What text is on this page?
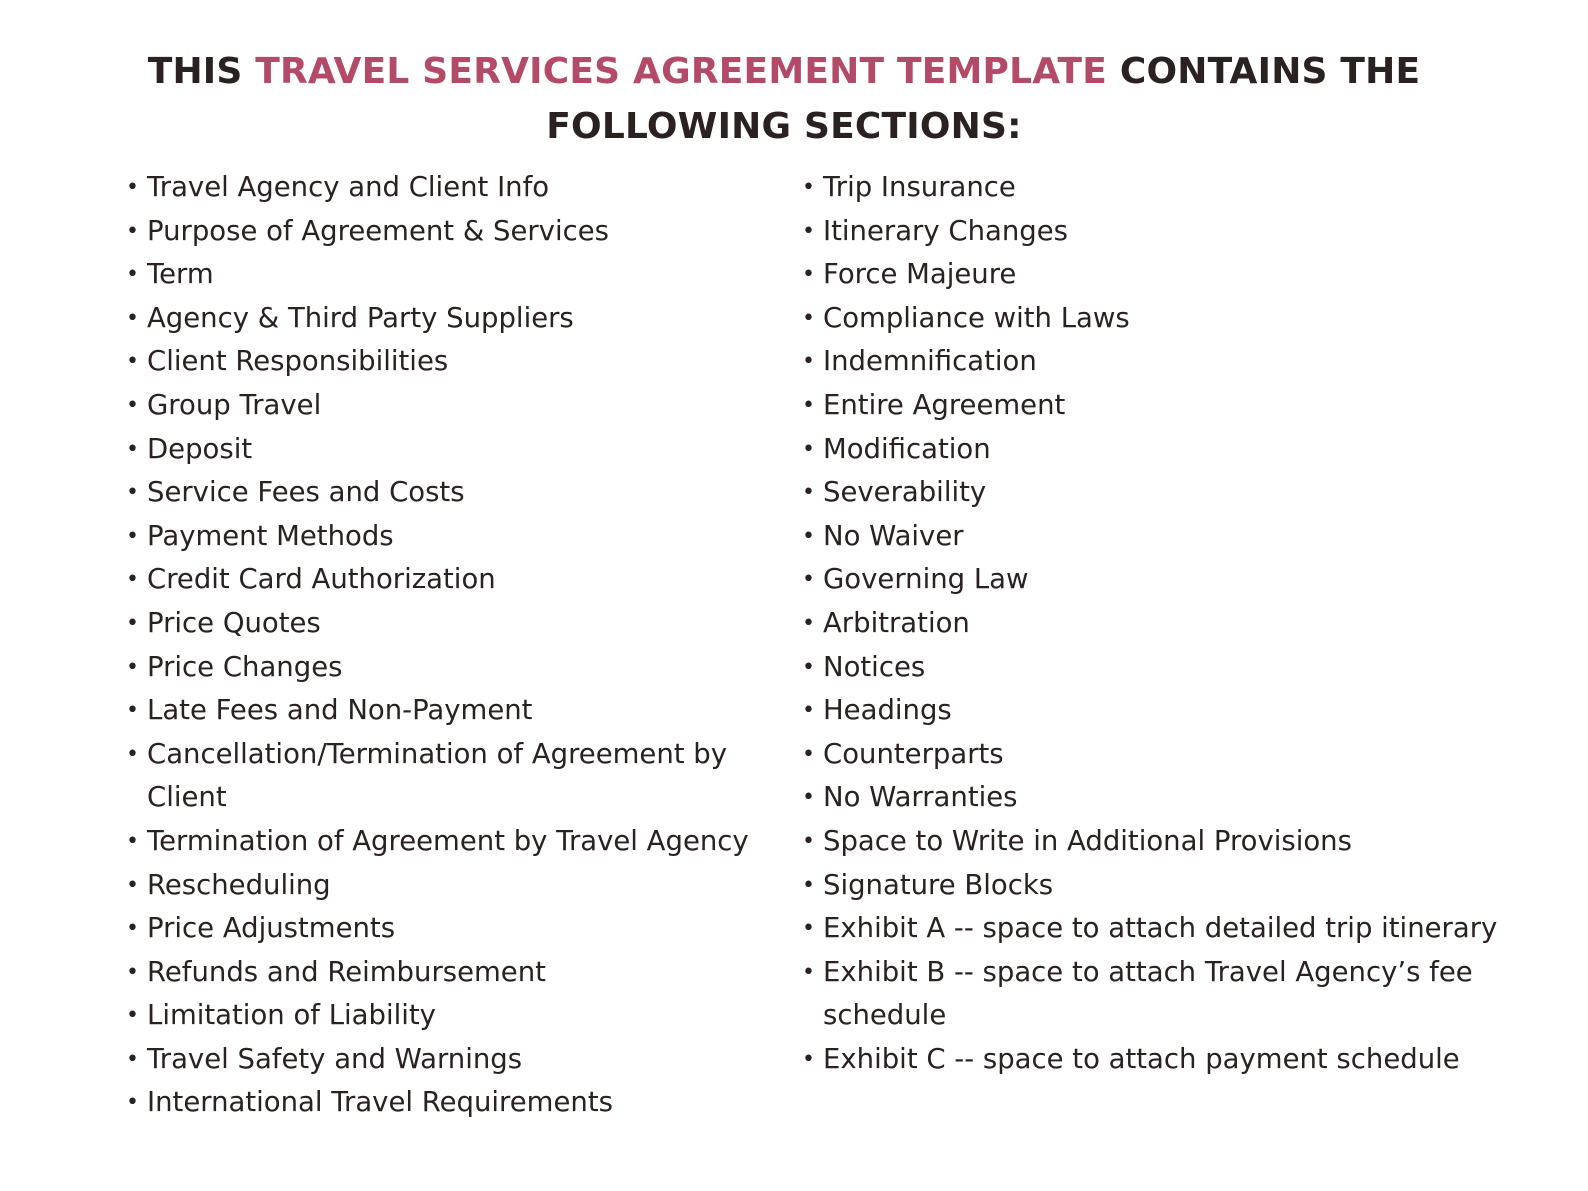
THIS TRAVEL SERVICES AGREEMENT TEMPLATE CONTAINS THE
FOLLOWING SECTIONS:
• Travel Agency and Client Info
• Purpose of Agreement & Services
• Term
• Agency & Third Party Suppliers
• Client Responsibilities
• Group Travel
• Deposit
• Service Fees and Costs
• Payment Methods
• Credit Card Authorization
• Price Quotes
• Price Changes
• Late Fees and Non-Payment
• Cancellation/Termination of Agreement by Client
• Termination of Agreement by Travel Agency
• Rescheduling
• Price Adjustments
• Refunds and Reimbursement
• Limitation of Liability
• Travel Safety and Warnings
• International Travel Requirements
• Trip Insurance
• Itinerary Changes
• Force Majeure
• Compliance with Laws
• Indemnification
• Entire Agreement
• Modification
• Severability
• No Waiver
• Governing Law
• Arbitration
• Notices
• Headings
• Counterparts
• No Warranties
• Space to Write in Additional Provisions
• Signature Blocks
• Exhibit A -- space to attach detailed trip itinerary
• Exhibit B -- space to attach Travel Agency’s fee schedule
• Exhibit C -- space to attach payment schedule
